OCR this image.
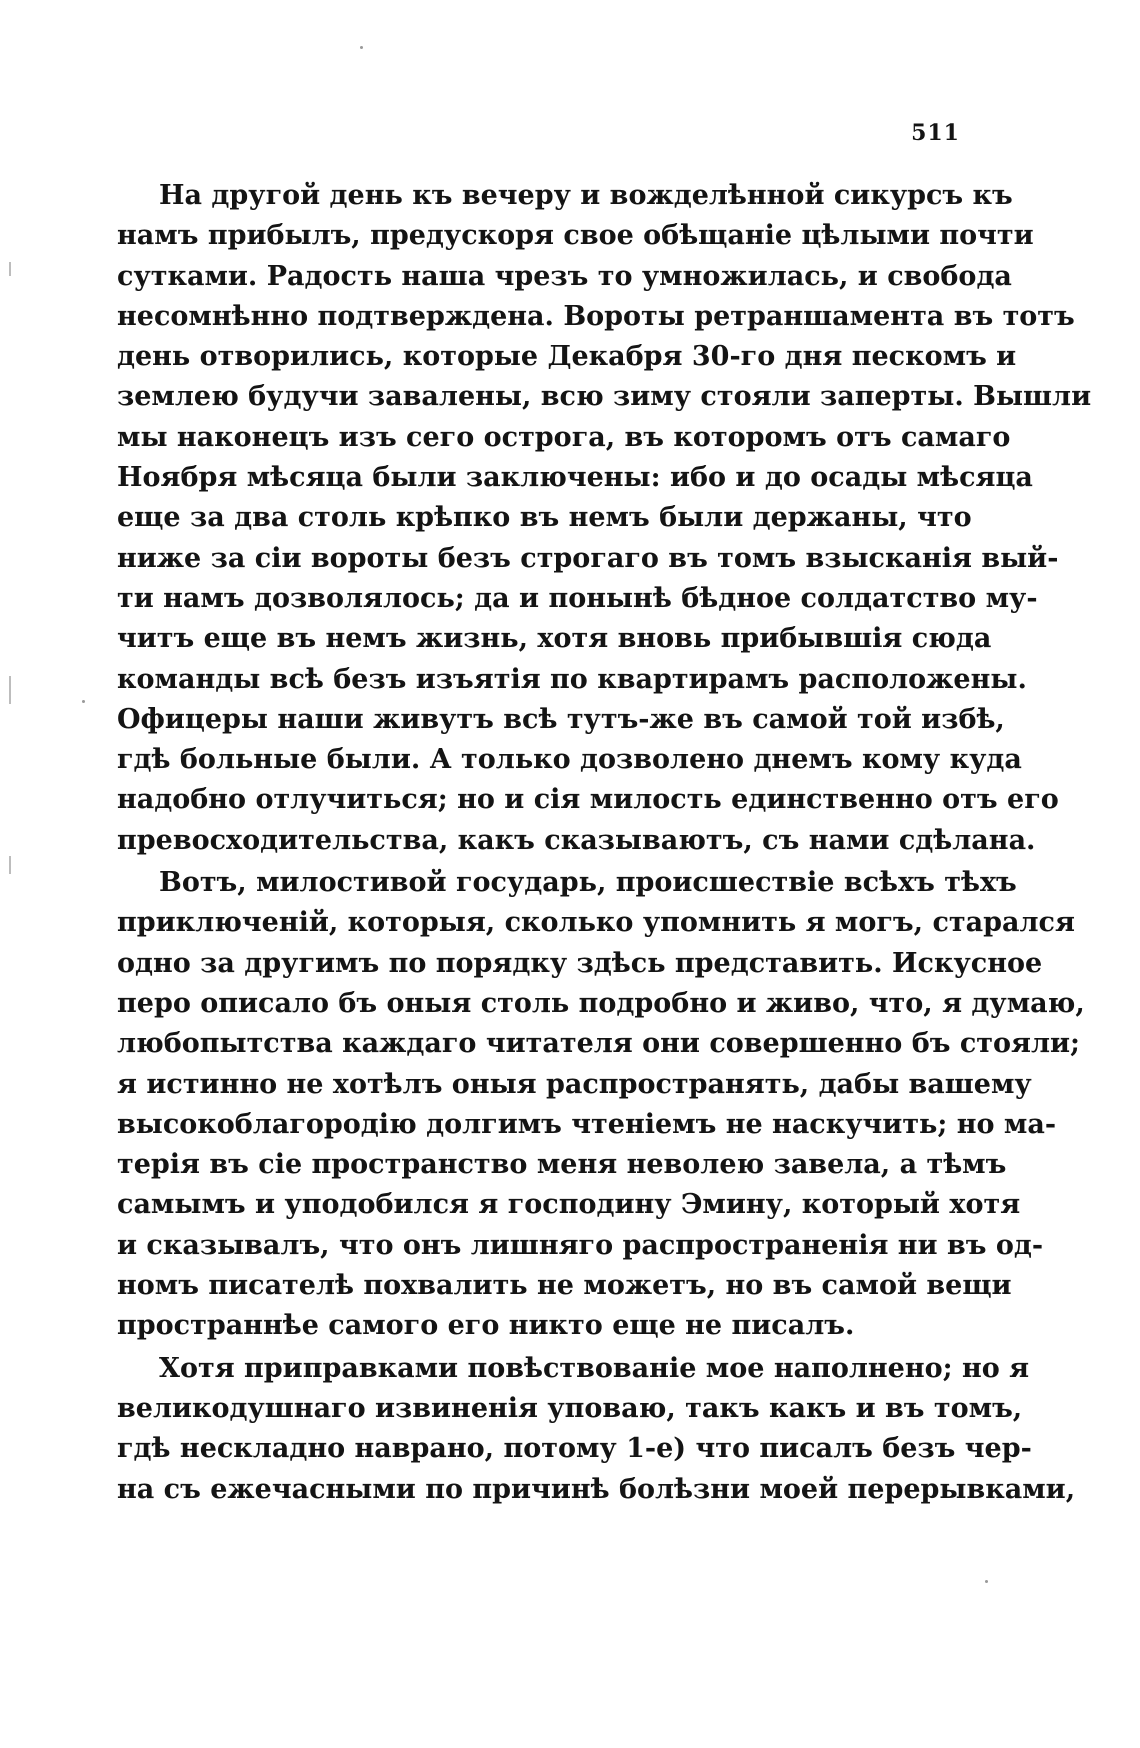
511

На другой день къ вечеру и вожделѣнной сикурсъ къ
намъ прибылъ, предускоря свое обѣщаніе цѣлыми почти
сутками. Радость наша чрезъ то умножилась, и свобода
несомнѣнно подтверждена. Вороты ретраншамента въ тотъ
день отворились, которые Декабря 30-го дня пескомъ и
землею будучи завалены, всю зиму стояли заперты. Вышли
мы наконецъ изъ сего острога, въ которомъ отъ самаго
Ноября мѣсяца были заключены: ибо и до осады мѣсяца
еще за два столь крѣпко въ немъ были держаны, что
ниже за сіи вороты безъ строгаго въ томъ взысканія вый-
ти намъ дозволялось; да и понынѣ бѣдное солдатство му-
читъ еще въ немъ жизнь, хотя вновь прибывшія сюда
команды всѣ безъ изъятія по квартирамъ расположены.
Офицеры наши живутъ всѣ тутъ-же въ самой той избѣ,
гдѣ больные были. А только дозволено днемъ кому куда
надобно отлучиться; но и сія милость единственно отъ его
превосходительства, какъ сказываютъ, съ нами сдѣлана.

Вотъ, милостивой государь, происшествіе всѣхъ тѣхъ
приключеній, которыя, сколько упомнить я могъ, старался
одно за другимъ по порядку здѣсь представить. Искусное
перо описало бъ оныя столь подробно и живо, что, я думаю,
любопытства каждаго читателя они совершенно бъ стояли;
я истинно не хотѣлъ оныя распространять, дабы вашему
высокоблагородію долгимъ чтеніемъ не наскучить; но ма-
терія въ сіе пространство меня неволею завела, а тѣмъ
самымъ и уподобился я господину Эмину, который хотя
и сказывалъ, что онъ лишняго распространенія ни въ од-
номъ писателѣ похвалить не можетъ, но въ самой вещи
пространнѣе самого его никто еще не писалъ.

Хотя приправками повѣствованіе мое наполнено; но я
великодушнаго извиненія уповаю, такъ какъ и въ томъ,
гдѣ нескладно наврано, потому 1-е) что писалъ безъ чер-
на съ ежечасными по причинѣ болѣзни моей перерывками,
